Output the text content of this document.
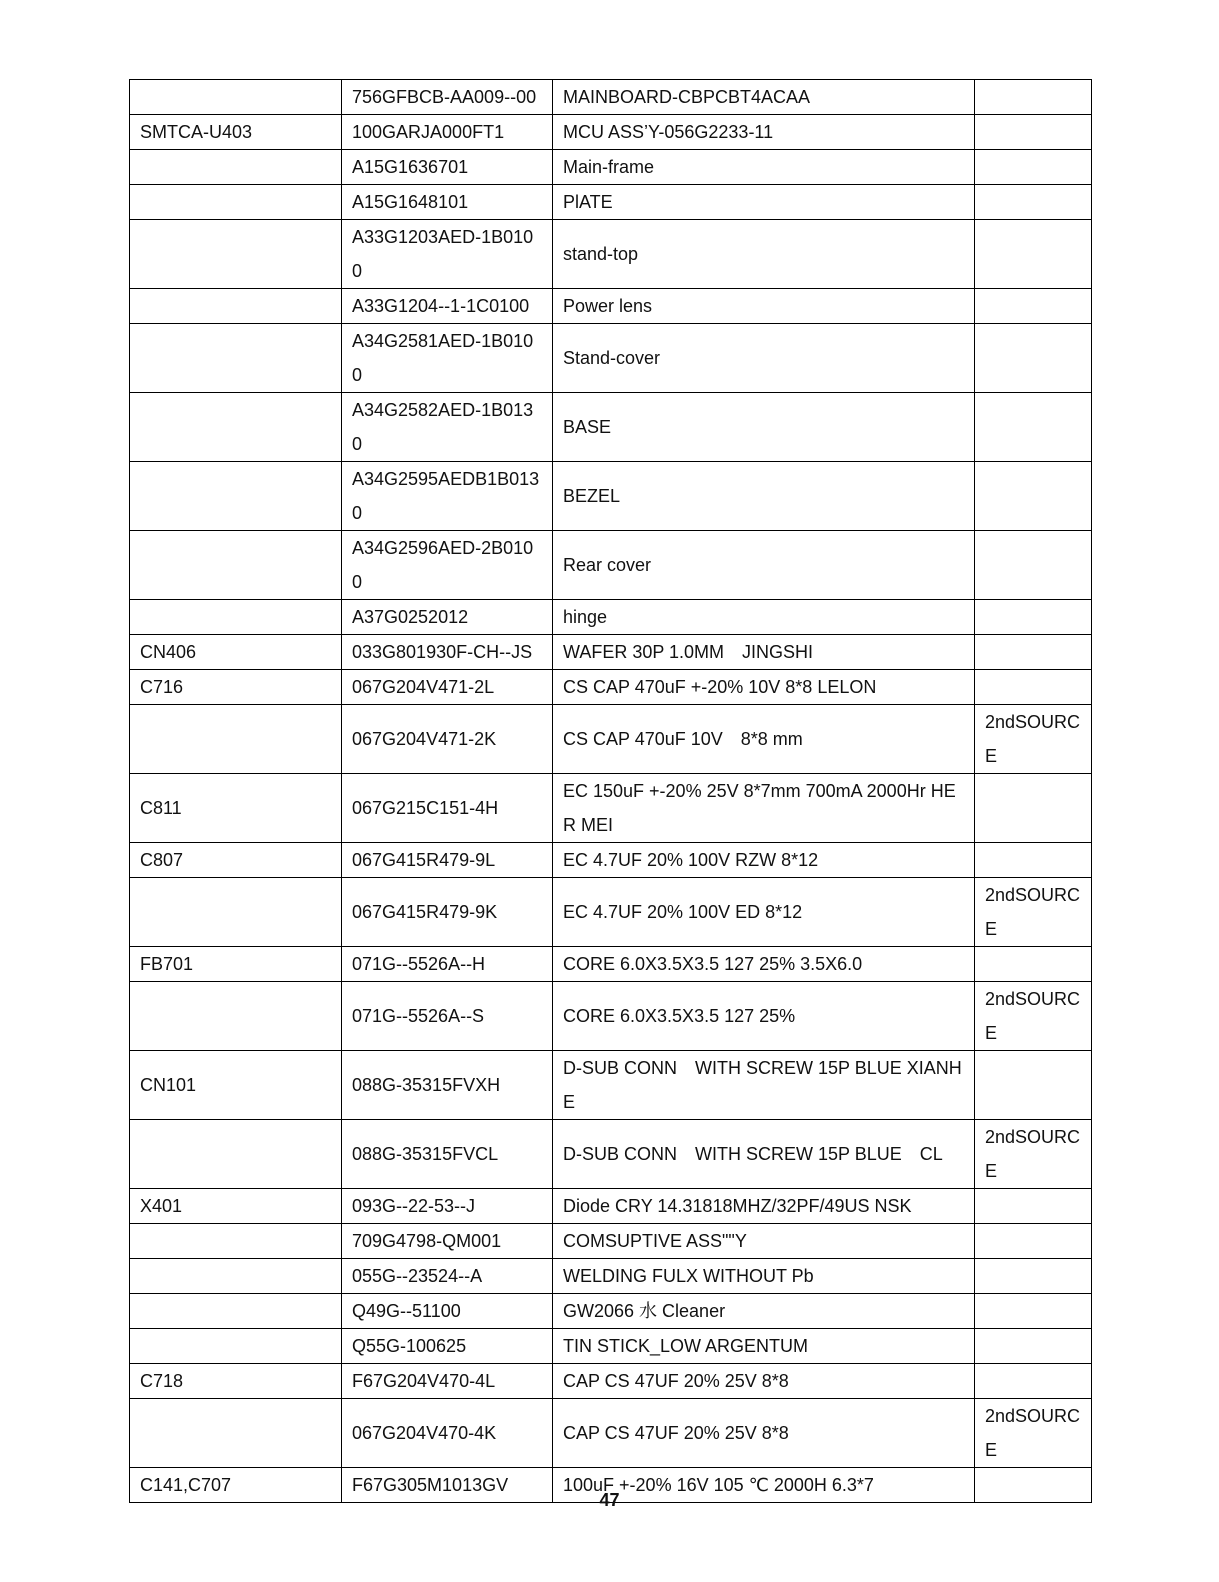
	756GFBCB-AA009--00	MAINBOARD-CBPCBT4ACAA	
SMTCA-U403	100GARJA000FT1	MCU ASS’Y-056G2233-11	
	A15G1636701	Main-frame	
	A15G1648101	PlATE	
	A33G1203AED-1B0100	stand-top	
	A33G1204--1-1C0100	Power lens	
	A34G2581AED-1B0100	Stand-cover	
	A34G2582AED-1B0130	BASE	
	A34G2595AEDB1B0130	BEZEL	
	A34G2596AED-2B0100	Rear cover	
	A37G0252012	hinge	
CN406	033G801930F-CH--JS	WAFER 30P 1.0MM　JINGSHI	
C716	067G204V471-2L	CS CAP 470uF +-20% 10V 8*8 LELON	
	067G204V471-2K	CS CAP 470uF 10V　8*8 mm	2ndSOURCE
C811	067G215C151-4H	EC 150uF +-20% 25V 8*7mm 700mA 2000Hr HER MEI	
C807	067G415R479-9L	EC 4.7UF 20% 100V RZW 8*12	
	067G415R479-9K	EC 4.7UF 20% 100V ED 8*12	2ndSOURCE
FB701	071G--5526A--H	CORE 6.0X3.5X3.5 127 25% 3.5X6.0	
	071G--5526A--S	CORE 6.0X3.5X3.5 127 25%	2ndSOURCE
CN101	088G-35315FVXH	D-SUB CONN　WITH SCREW 15P BLUE XIANHE	
	088G-35315FVCL	D-SUB CONN　WITH SCREW 15P BLUE　CL	2ndSOURCE
X401	093G--22-53--J	Diode CRY 14.31818MHZ/32PF/49US NSK	
	709G4798-QM001	COMSUPTIVE ASS""Y	
	055G--23524--A	WELDING FULX WITHOUT Pb	
	Q49G--51100	GW2066 水 Cleaner	
	Q55G-100625	TIN STICK_LOW ARGENTUM	
C718	F67G204V470-4L	CAP CS 47UF 20% 25V 8*8	
	067G204V470-4K	CAP CS 47UF 20% 25V 8*8	2ndSOURCE
C141,C707	F67G305M1013GV	100uF +-20% 16V 105 ℃ 2000H 6.3*7	
47
